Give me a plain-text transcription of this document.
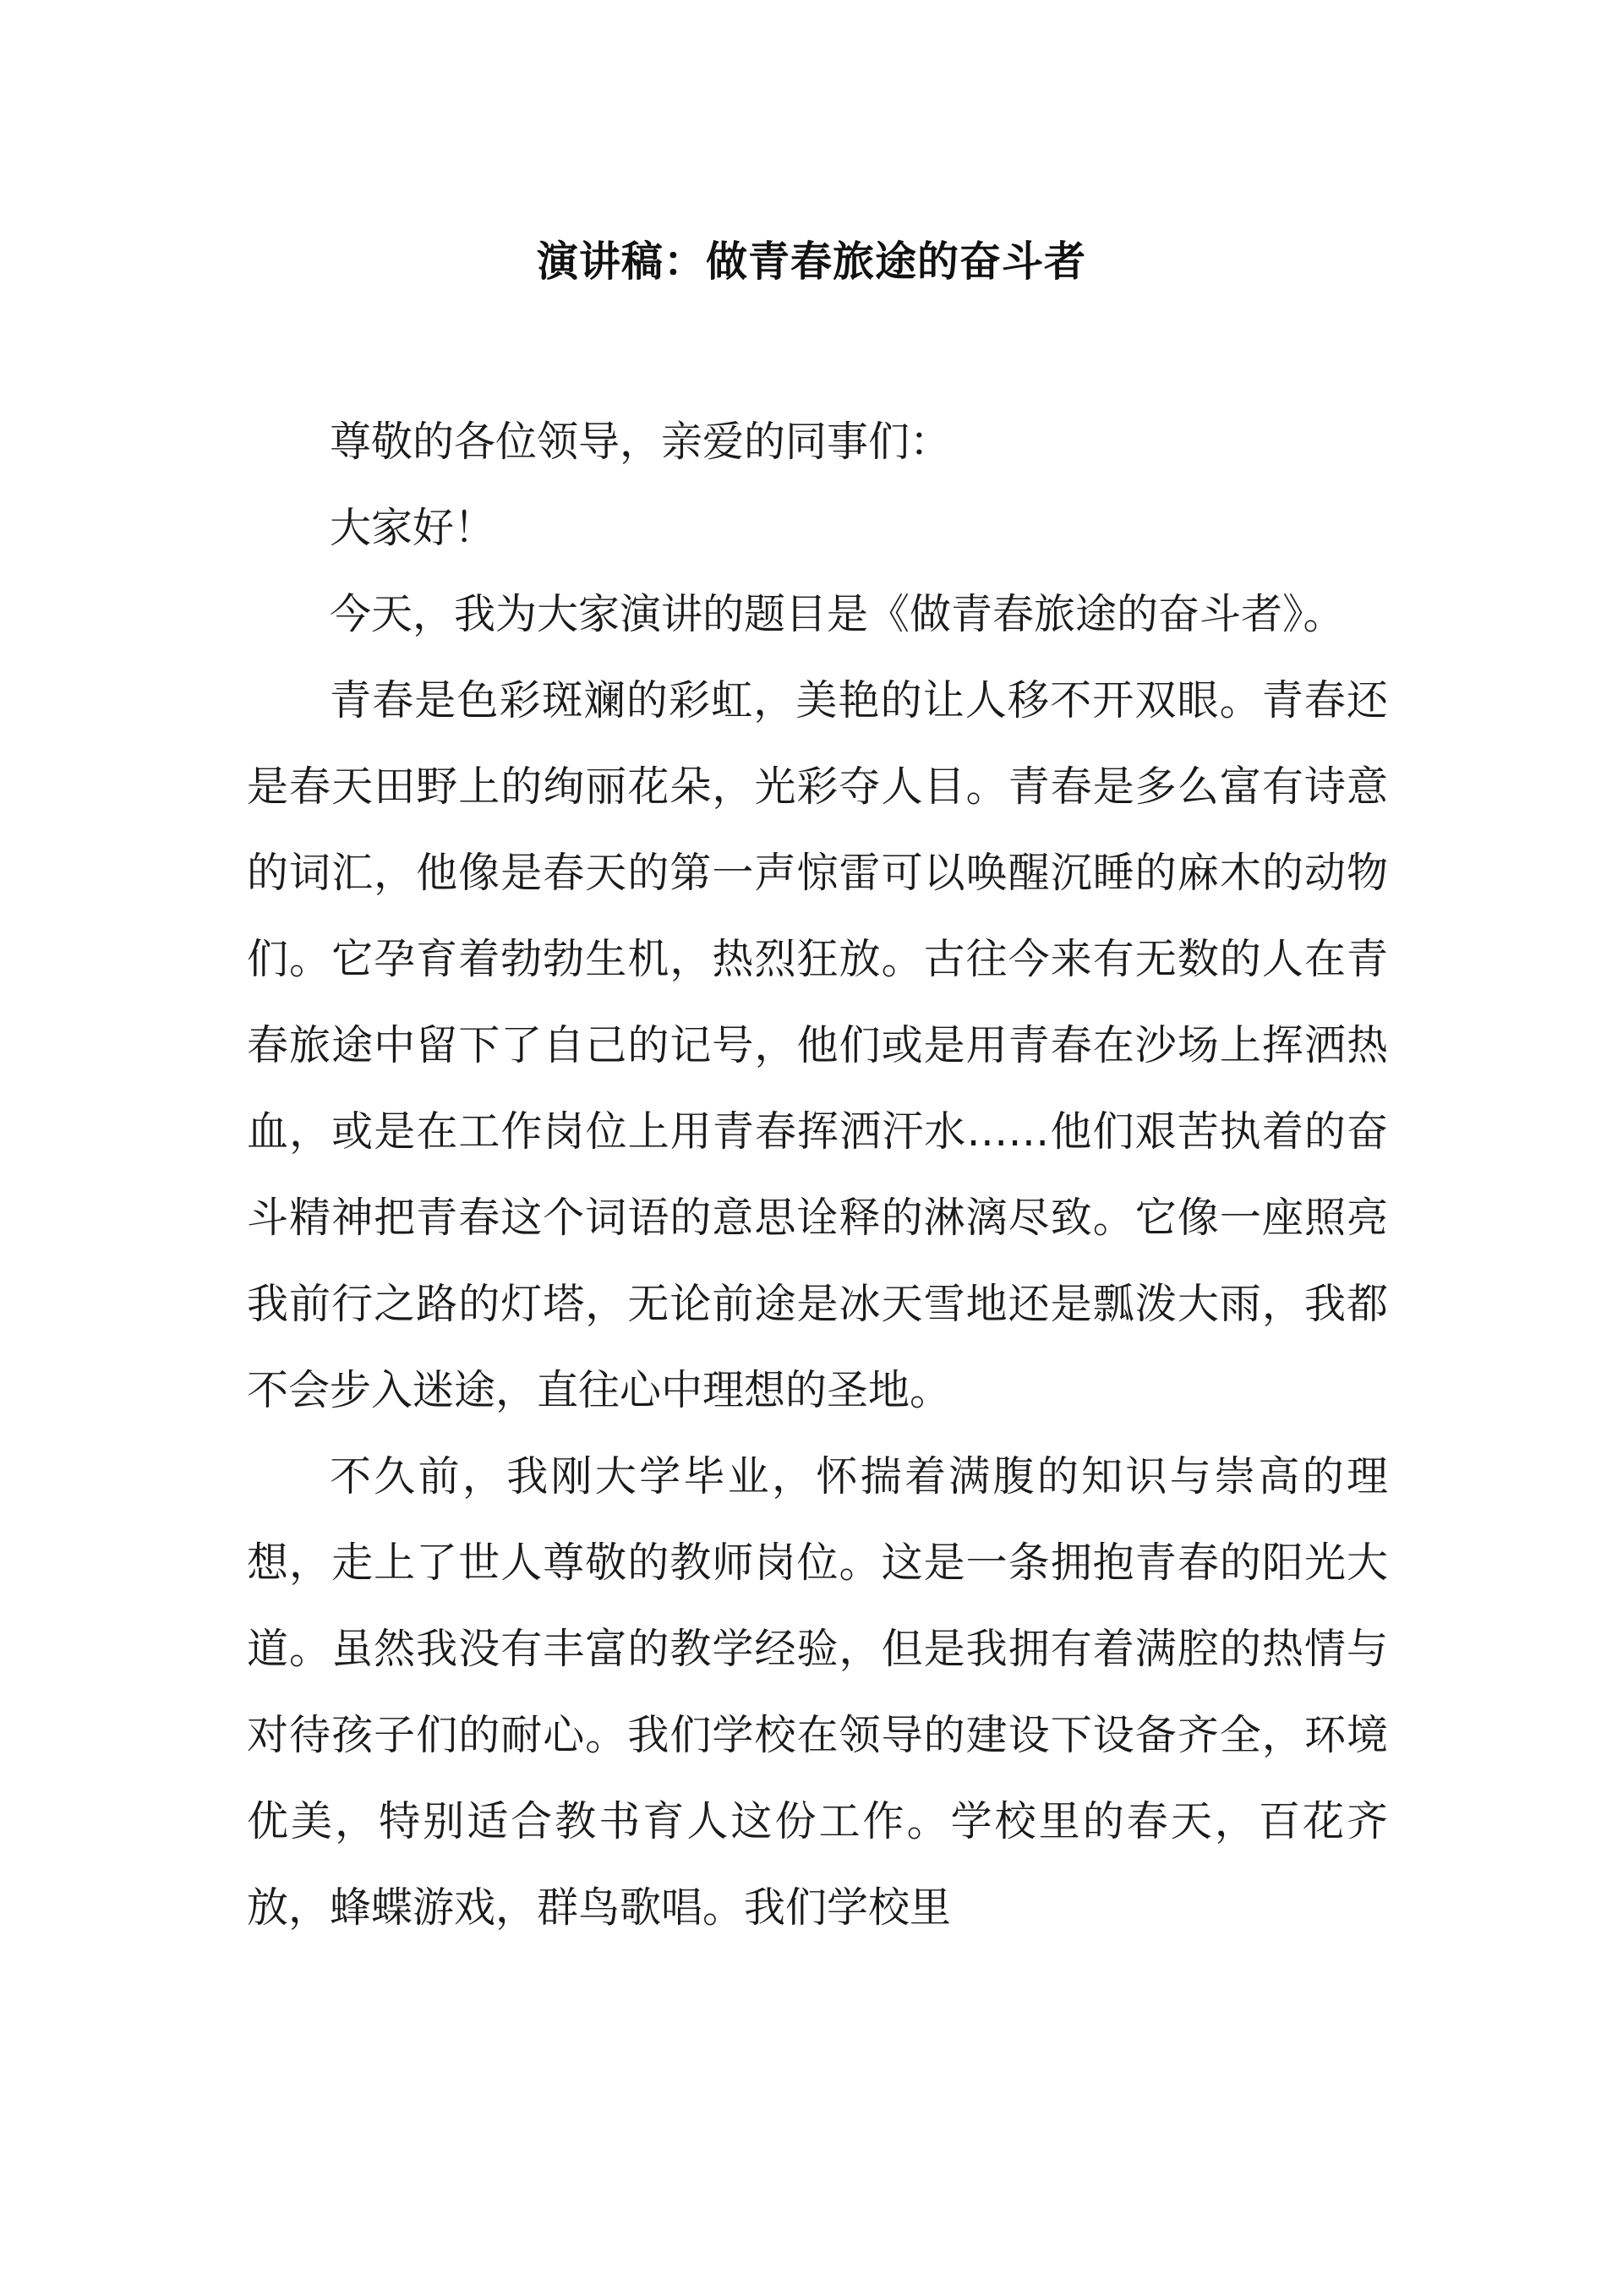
演讲稿：做青春旅途的奋斗者

尊敬的各位领导，亲爱的同事们：

大家好！

今天，我为大家演讲的题目是《做青春旅途的奋斗者》。

青春是色彩斑斓的彩虹，美艳的让人移不开双眼。青春还是春天田野上的绚丽花朵，光彩夺人目。青春是多么富有诗意的词汇，他像是春天的第一声惊雷可以唤醒沉睡的麻木的动物们。它孕育着勃勃生机，热烈狂放。古往今来有无数的人在青春旅途中留下了自己的记号，他们或是用青春在沙场上挥洒热血，或是在工作岗位上用青春挥洒汗水……他们艰苦执着的奋斗精神把青春这个词语的意思诠释的淋漓尽致。它像一座照亮我前行之路的灯塔，无论前途是冰天雪地还是瓢泼大雨，我都不会步入迷途，直往心中理想的圣地。

不久前，我刚大学毕业，怀揣着满腹的知识与崇高的理想，走上了世人尊敬的教师岗位。这是一条拥抱青春的阳光大道。虽然我没有丰富的教学经验，但是我拥有着满腔的热情与对待孩子们的耐心。我们学校在领导的建设下设备齐全，环境优美，特别适合教书育人这份工作。学校里的春天，百花齐放，蜂蝶游戏，群鸟歌唱。我们学校里
